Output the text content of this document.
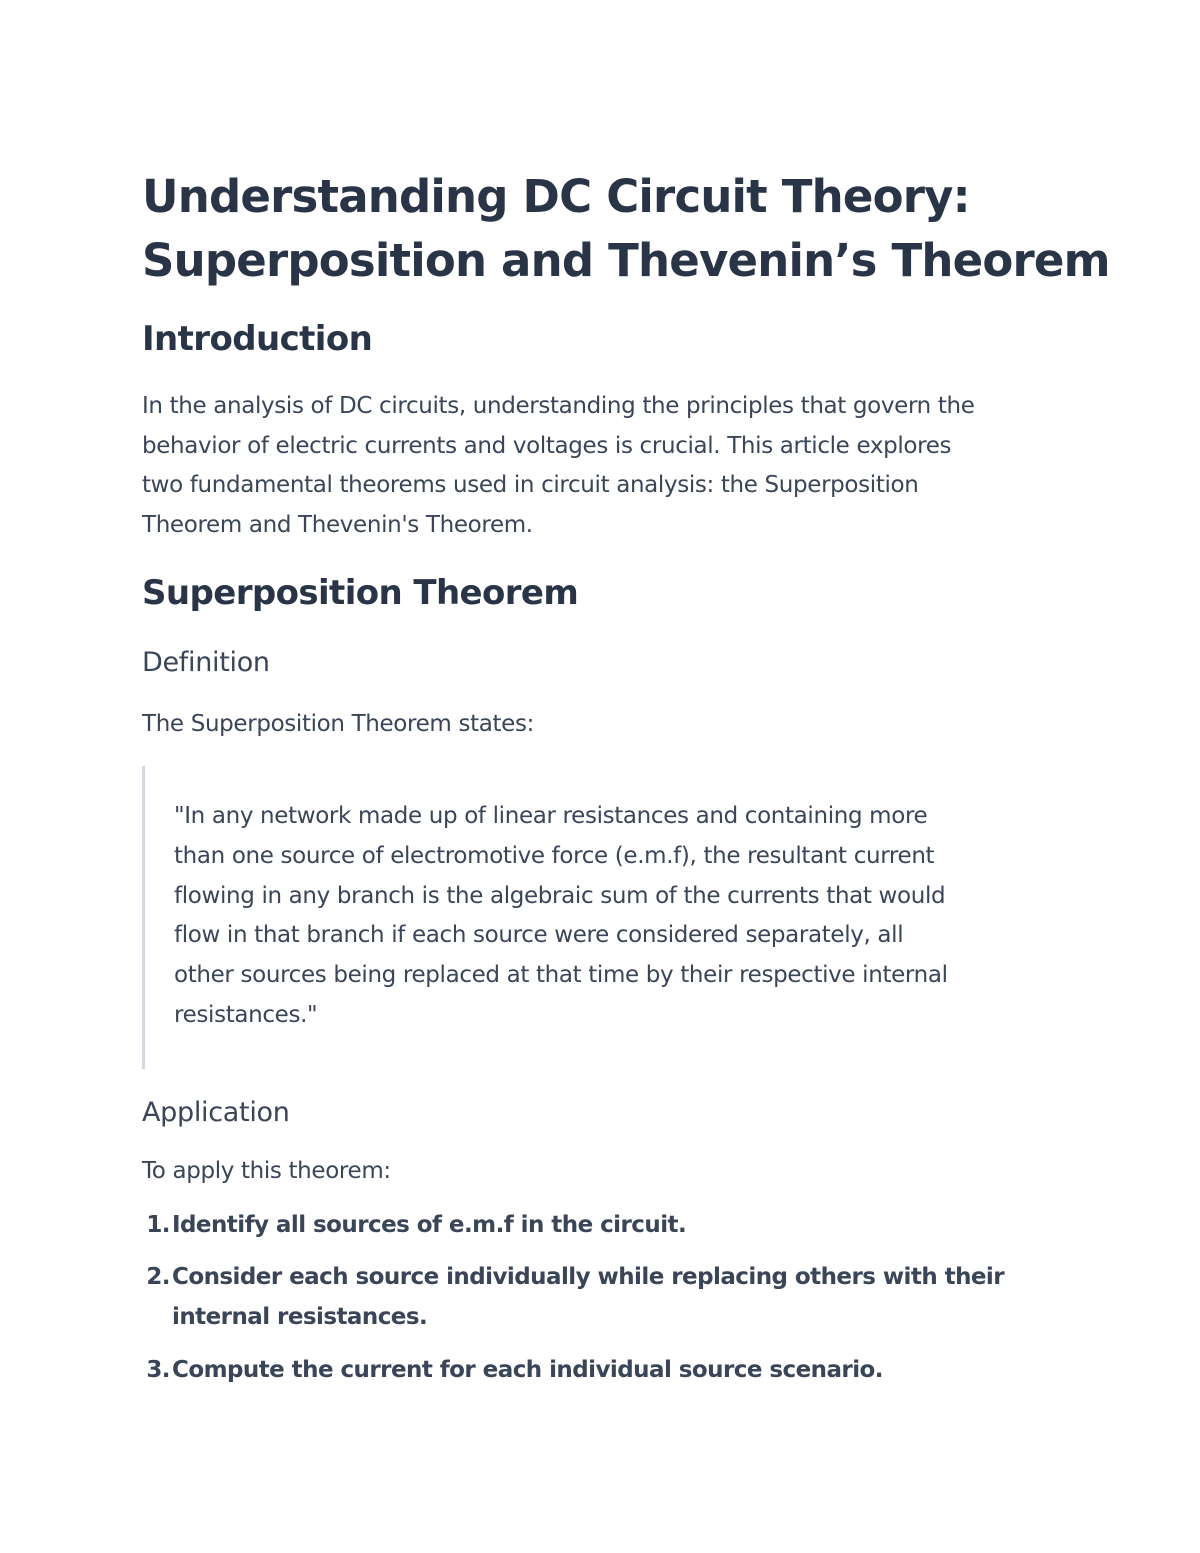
Understanding DC Circuit Theory:
Superposition and Thevenin’s Theorem
Introduction

In the analysis of DC circuits, understanding the principles that govern the
behavior of electric currents and voltages is crucial. This article explores
two fundamental theorems used in circuit analysis: the Superposition
Theorem and Thevenin's Theorem.

Superposition Theorem
Definition

The Superposition Theorem states:

"In any network made up of linear resistances and containing more
than one source of electromotive force (e.m.f), the resultant current
flowing in any branch is the algebraic sum of the currents that would
flow in that branch if each source were considered separately, all
other sources being replaced at that time by their respective internal
resistances."

Application

To apply this theorem:

1. Identify all sources of e.m.f in the circuit.
2. Consider each source individually while replacing others with their
internal resistances.
3. Compute the current for each individual source scenario.
